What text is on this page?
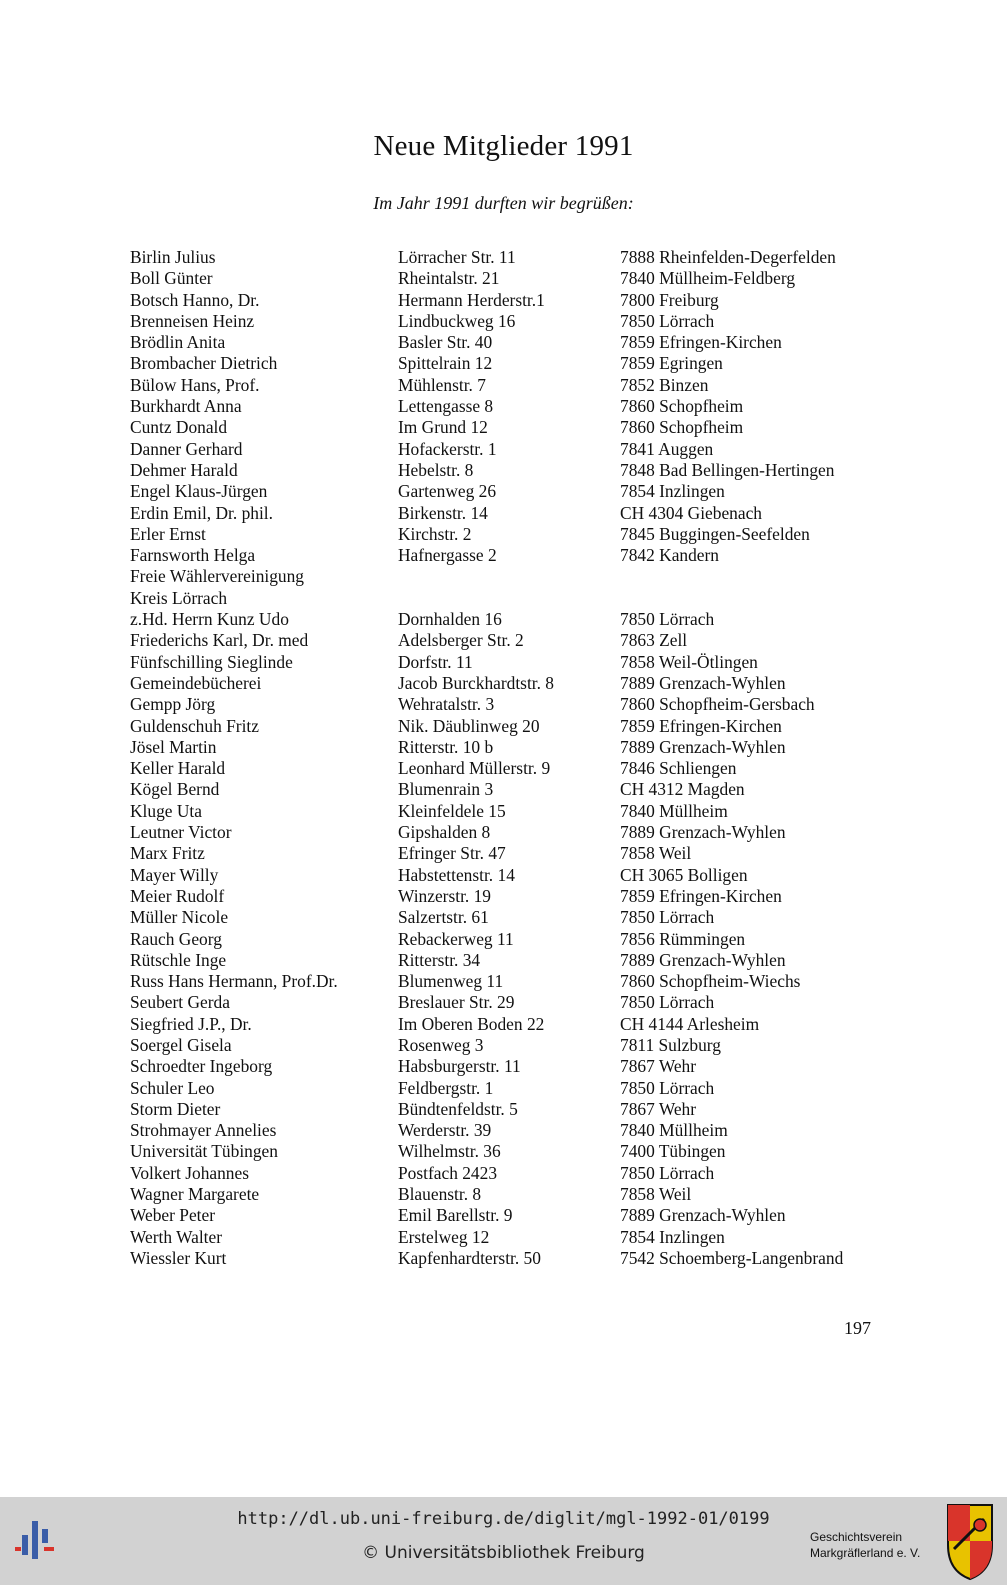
Neue Mitglieder 1991
Im Jahr 1991 durften wir begrüßen:
Birlin Julius	Lörracher Str. 11	7888 Rheinfelden-Degerfelden
Boll Günter	Rheintalstr. 21	7840 Müllheim-Feldberg
Botsch Hanno, Dr.	Hermann Herderstr.1	7800 Freiburg
Brenneisen Heinz	Lindbuckweg 16	7850 Lörrach
Brödlin Anita	Basler Str. 40	7859 Efringen-Kirchen
Brombacher Dietrich	Spittelrain 12	7859 Egringen
Bülow Hans, Prof.	Mühlenstr. 7	7852 Binzen
Burkhardt Anna	Lettengasse 8	7860 Schopfheim
Cuntz Donald	Im Grund 12	7860 Schopfheim
Danner Gerhard	Hofackerstr. 1	7841 Auggen
Dehmer Harald	Hebelstr. 8	7848 Bad Bellingen-Hertingen
Engel Klaus-Jürgen	Gartenweg 26	7854 Inzlingen
Erdin Emil, Dr. phil.	Birkenstr. 14	CH 4304 Giebenach
Erler Ernst	Kirchstr. 2	7845 Buggingen-Seefelden
Farnsworth Helga	Hafnergasse 2	7842 Kandern
Freie Wählervereinigung
Kreis Lörrach
z.Hd. Herrn Kunz Udo	Dornhalden 16	7850 Lörrach
Friederichs Karl, Dr. med	Adelsberger Str. 2	7863 Zell
Fünfschilling Sieglinde	Dorfstr. 11	7858 Weil-Ötlingen
Gemeindebücherei	Jacob Burckhardtstr. 8	7889 Grenzach-Wyhlen
Gempp Jörg	Wehratalstr. 3	7860 Schopfheim-Gersbach
Guldenschuh Fritz	Nik. Däublinweg 20	7859 Efringen-Kirchen
Jösel Martin	Ritterstr. 10 b	7889 Grenzach-Wyhlen
Keller Harald	Leonhard Müllerstr. 9	7846 Schliengen
Kögel Bernd	Blumenrain 3	CH 4312 Magden
Kluge Uta	Kleinfeldele 15	7840 Müllheim
Leutner Victor	Gipshalden 8	7889 Grenzach-Wyhlen
Marx Fritz	Efringer Str. 47	7858 Weil
Mayer Willy	Habstettenstr. 14	CH 3065 Bolligen
Meier Rudolf	Winzerstr. 19	7859 Efringen-Kirchen
Müller Nicole	Salzertstr. 61	7850 Lörrach
Rauch Georg	Rebackerweg 11	7856 Rümmingen
Rütschle Inge	Ritterstr. 34	7889 Grenzach-Wyhlen
Russ Hans Hermann, Prof.Dr.	Blumenweg 11	7860 Schopfheim-Wiechs
Seubert Gerda	Breslauer Str. 29	7850 Lörrach
Siegfried J.P., Dr.	Im Oberen Boden 22	CH 4144 Arlesheim
Soergel Gisela	Rosenweg 3	7811 Sulzburg
Schroedter Ingeborg	Habsburgerstr. 11	7867 Wehr
Schuler Leo	Feldbergstr. 1	7850 Lörrach
Storm Dieter	Bündtenfeldstr. 5	7867 Wehr
Strohmayer Annelies	Werderstr. 39	7840 Müllheim
Universität Tübingen	Wilhelmstr. 36	7400 Tübingen
Volkert Johannes	Postfach 2423	7850 Lörrach
Wagner Margarete	Blauenstr. 8	7858 Weil
Weber Peter	Emil Barellstr. 9	7889 Grenzach-Wyhlen
Werth Walter	Erstelweg 12	7854 Inzlingen
Wiessler Kurt	Kapfenhardterstr. 50	7542 Schoemberg-Langenbrand
197
http://dl.ub.uni-freiburg.de/diglit/mgl-1992-01/0199
© Universitätsbibliothek Freiburg
Geschichtsverein
Markgräflerland e. V.
